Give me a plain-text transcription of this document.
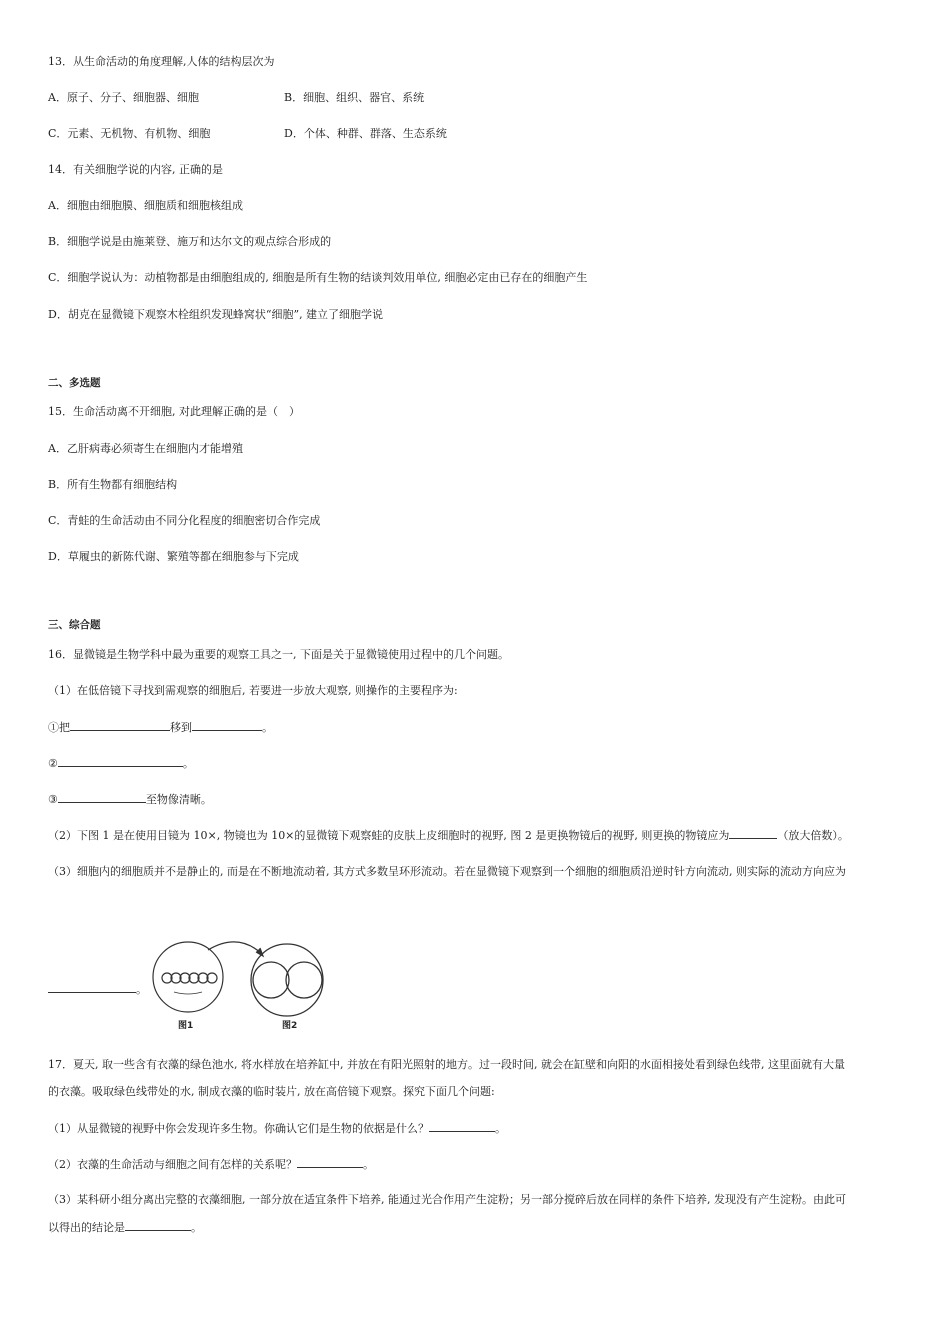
13．从生命活动的角度理解,人体的结构层次为
A．原子、分子、细胞器、细胞	B．细胞、组织、器官、系统
C．元素、无机物、有机物、细胞	D．个体、种群、群落、生态系统
14．有关细胞学说的内容, 正确的是
A．细胞由细胞膜、细胞质和细胞核组成
B．细胞学说是由施莱登、施万和达尔文的观点综合形成的
C．细胞学说认为：动植物都是由细胞组成的, 细胞是所有生物的结谈判效用单位, 细胞必定由已存在的细胞产生
D．胡克在显微镜下观察木栓组织发现蜂窝状“细胞”, 建立了细胞学说
二、多选题
15．生命活动离不开细胞, 对此理解正确的是（　）
A．乙肝病毒必须寄生在细胞内才能增殖
B．所有生物都有细胞结构
C．青蛙的生命活动由不同分化程度的细胞密切合作完成
D．草履虫的新陈代谢、繁殖等都在细胞参与下完成
三、综合题
16．显微镜是生物学科中最为重要的观察工具之一, 下面是关于显微镜使用过程中的几个问题。
（1）在低倍镜下寻找到需观察的细胞后, 若要进一步放大观察, 则操作的主要程序为:
①把	移到	。
②	。
③	至物像清晰。
（2）下图 1 是在使用目镜为 10×, 物镜也为 10×的显微镜下观察蛙的皮肤上皮细胞时的视野, 图 2 是更换物镜后的视野, 则更换的物镜应为	（放大倍数）。
（3）细胞内的细胞质并不是静止的, 而是在不断地流动着, 其方式多数呈环形流动。若在显微镜下观察到一个细胞的细胞质沿逆时针方向流动, 则实际的流动方向应为
。
图1	图2
17．夏天, 取一些含有衣藻的绿色池水, 将水样放在培养缸中, 并放在有阳光照射的地方。过一段时间, 就会在缸壁和向阳的水面相接处看到绿色线带, 这里面就有大量
的衣藻。吸取绿色线带处的水, 制成衣藻的临时装片, 放在高倍镜下观察。探究下面几个问题:
（1）从显微镜的视野中你会发现许多生物。你确认它们是生物的依据是什么？	。
（2）衣藻的生命活动与细胞之间有怎样的关系呢？	。
（3）某科研小组分离出完整的衣藻细胞, 一部分放在适宜条件下培养, 能通过光合作用产生淀粉；另一部分搅碎后放在同样的条件下培养, 发现没有产生淀粉。由此可
以得出的结论是	。
